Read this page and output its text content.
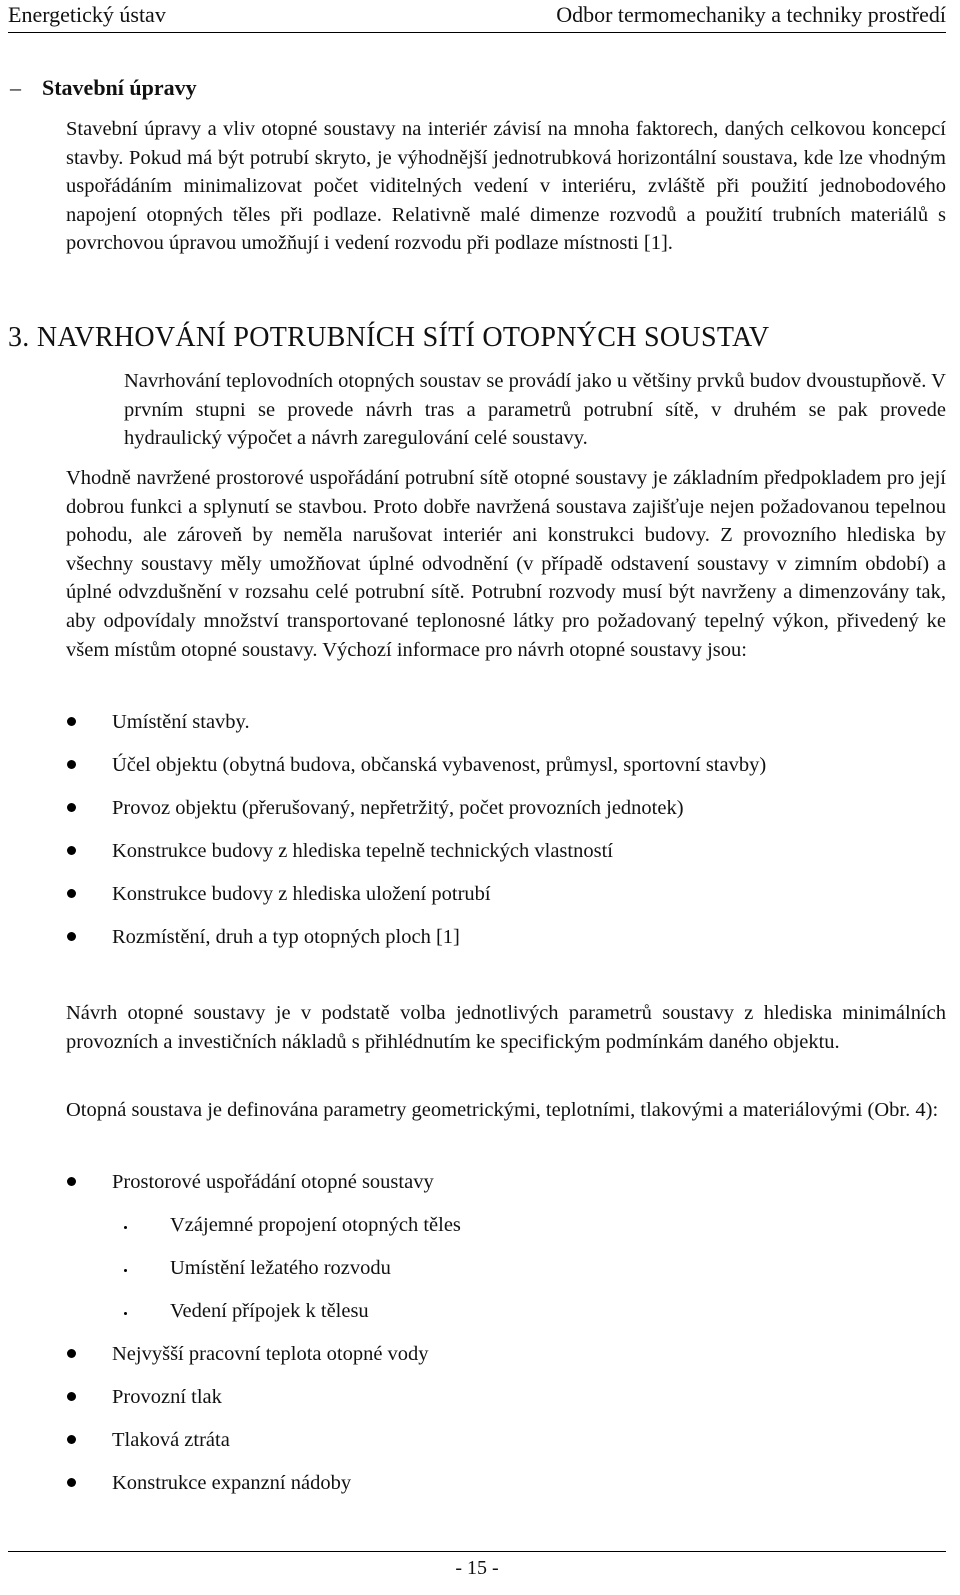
Energetický ústav	Odbor termomechaniky a techniky prostředí
– Stavební úpravy

Stavební úpravy a vliv otopné soustavy na interiér závisí na mnoha faktorech, daných celkovou koncepcí stavby. Pokud má být potrubí skryto, je výhodnější jednotrubková horizontální soustava, kde lze vhodným uspořádáním minimalizovat počet viditelných vedení v interiéru, zvláště při použití jednobodového napojení otopných těles při podlaze. Relativně malé dimenze rozvodů a použití trubních materiálů s povrchovou úpravou umožňují i vedení rozvodu při podlaze místnosti [1].

3. NAVRHOVÁNÍ POTRUBNÍCH SÍTÍ OTOPNÝCH SOUSTAV

Navrhování teplovodních otopných soustav se provádí jako u většiny prvků budov dvoustupňově. V prvním stupni se provede návrh tras a parametrů potrubní sítě, v druhém se pak provede hydraulický výpočet a návrh zaregulování celé soustavy.

Vhodně navržené prostorové uspořádání potrubní sítě otopné soustavy je základním předpokladem pro její dobrou funkci a splynutí se stavbou. Proto dobře navržená soustava zajišťuje nejen požadovanou tepelnou pohodu, ale zároveň by neměla narušovat interiér ani konstrukci budovy. Z provozního hlediska by všechny soustavy měly umožňovat úplné odvodnění (v případě odstavení soustavy v zimním období) a úplné odvzdušnění v rozsahu celé potrubní sítě. Potrubní rozvody musí být navrženy a dimenzovány tak, aby odpovídaly množství transportované teplonosné látky pro požadovaný tepelný výkon, přivedený ke všem místům otopné soustavy. Výchozí informace pro návrh otopné soustavy jsou:

Umístění stavby.
Účel objektu (obytná budova, občanská vybavenost, průmysl, sportovní stavby)
Provoz objektu (přerušovaný, nepřetržitý, počet provozních jednotek)
Konstrukce budovy z hlediska tepelně technických vlastností
Konstrukce budovy z hlediska uložení potrubí
Rozmístění, druh a typ otopných ploch [1]

Návrh otopné soustavy je v podstatě volba jednotlivých parametrů soustavy z hlediska minimálních provozních a investičních nákladů s přihlédnutím ke specifickým podmínkám daného objektu.

Otopná soustava je definována parametry geometrickými, teplotními, tlakovými a materiálovými (Obr. 4):

Prostorové uspořádání otopné soustavy
Vzájemné propojení otopných těles
Umístění ležatého rozvodu
Vedení přípojek k tělesu
Nejvyšší pracovní teplota otopné vody
Provozní tlak
Tlaková ztráta
Konstrukce expanzní nádoby
- 15 -
